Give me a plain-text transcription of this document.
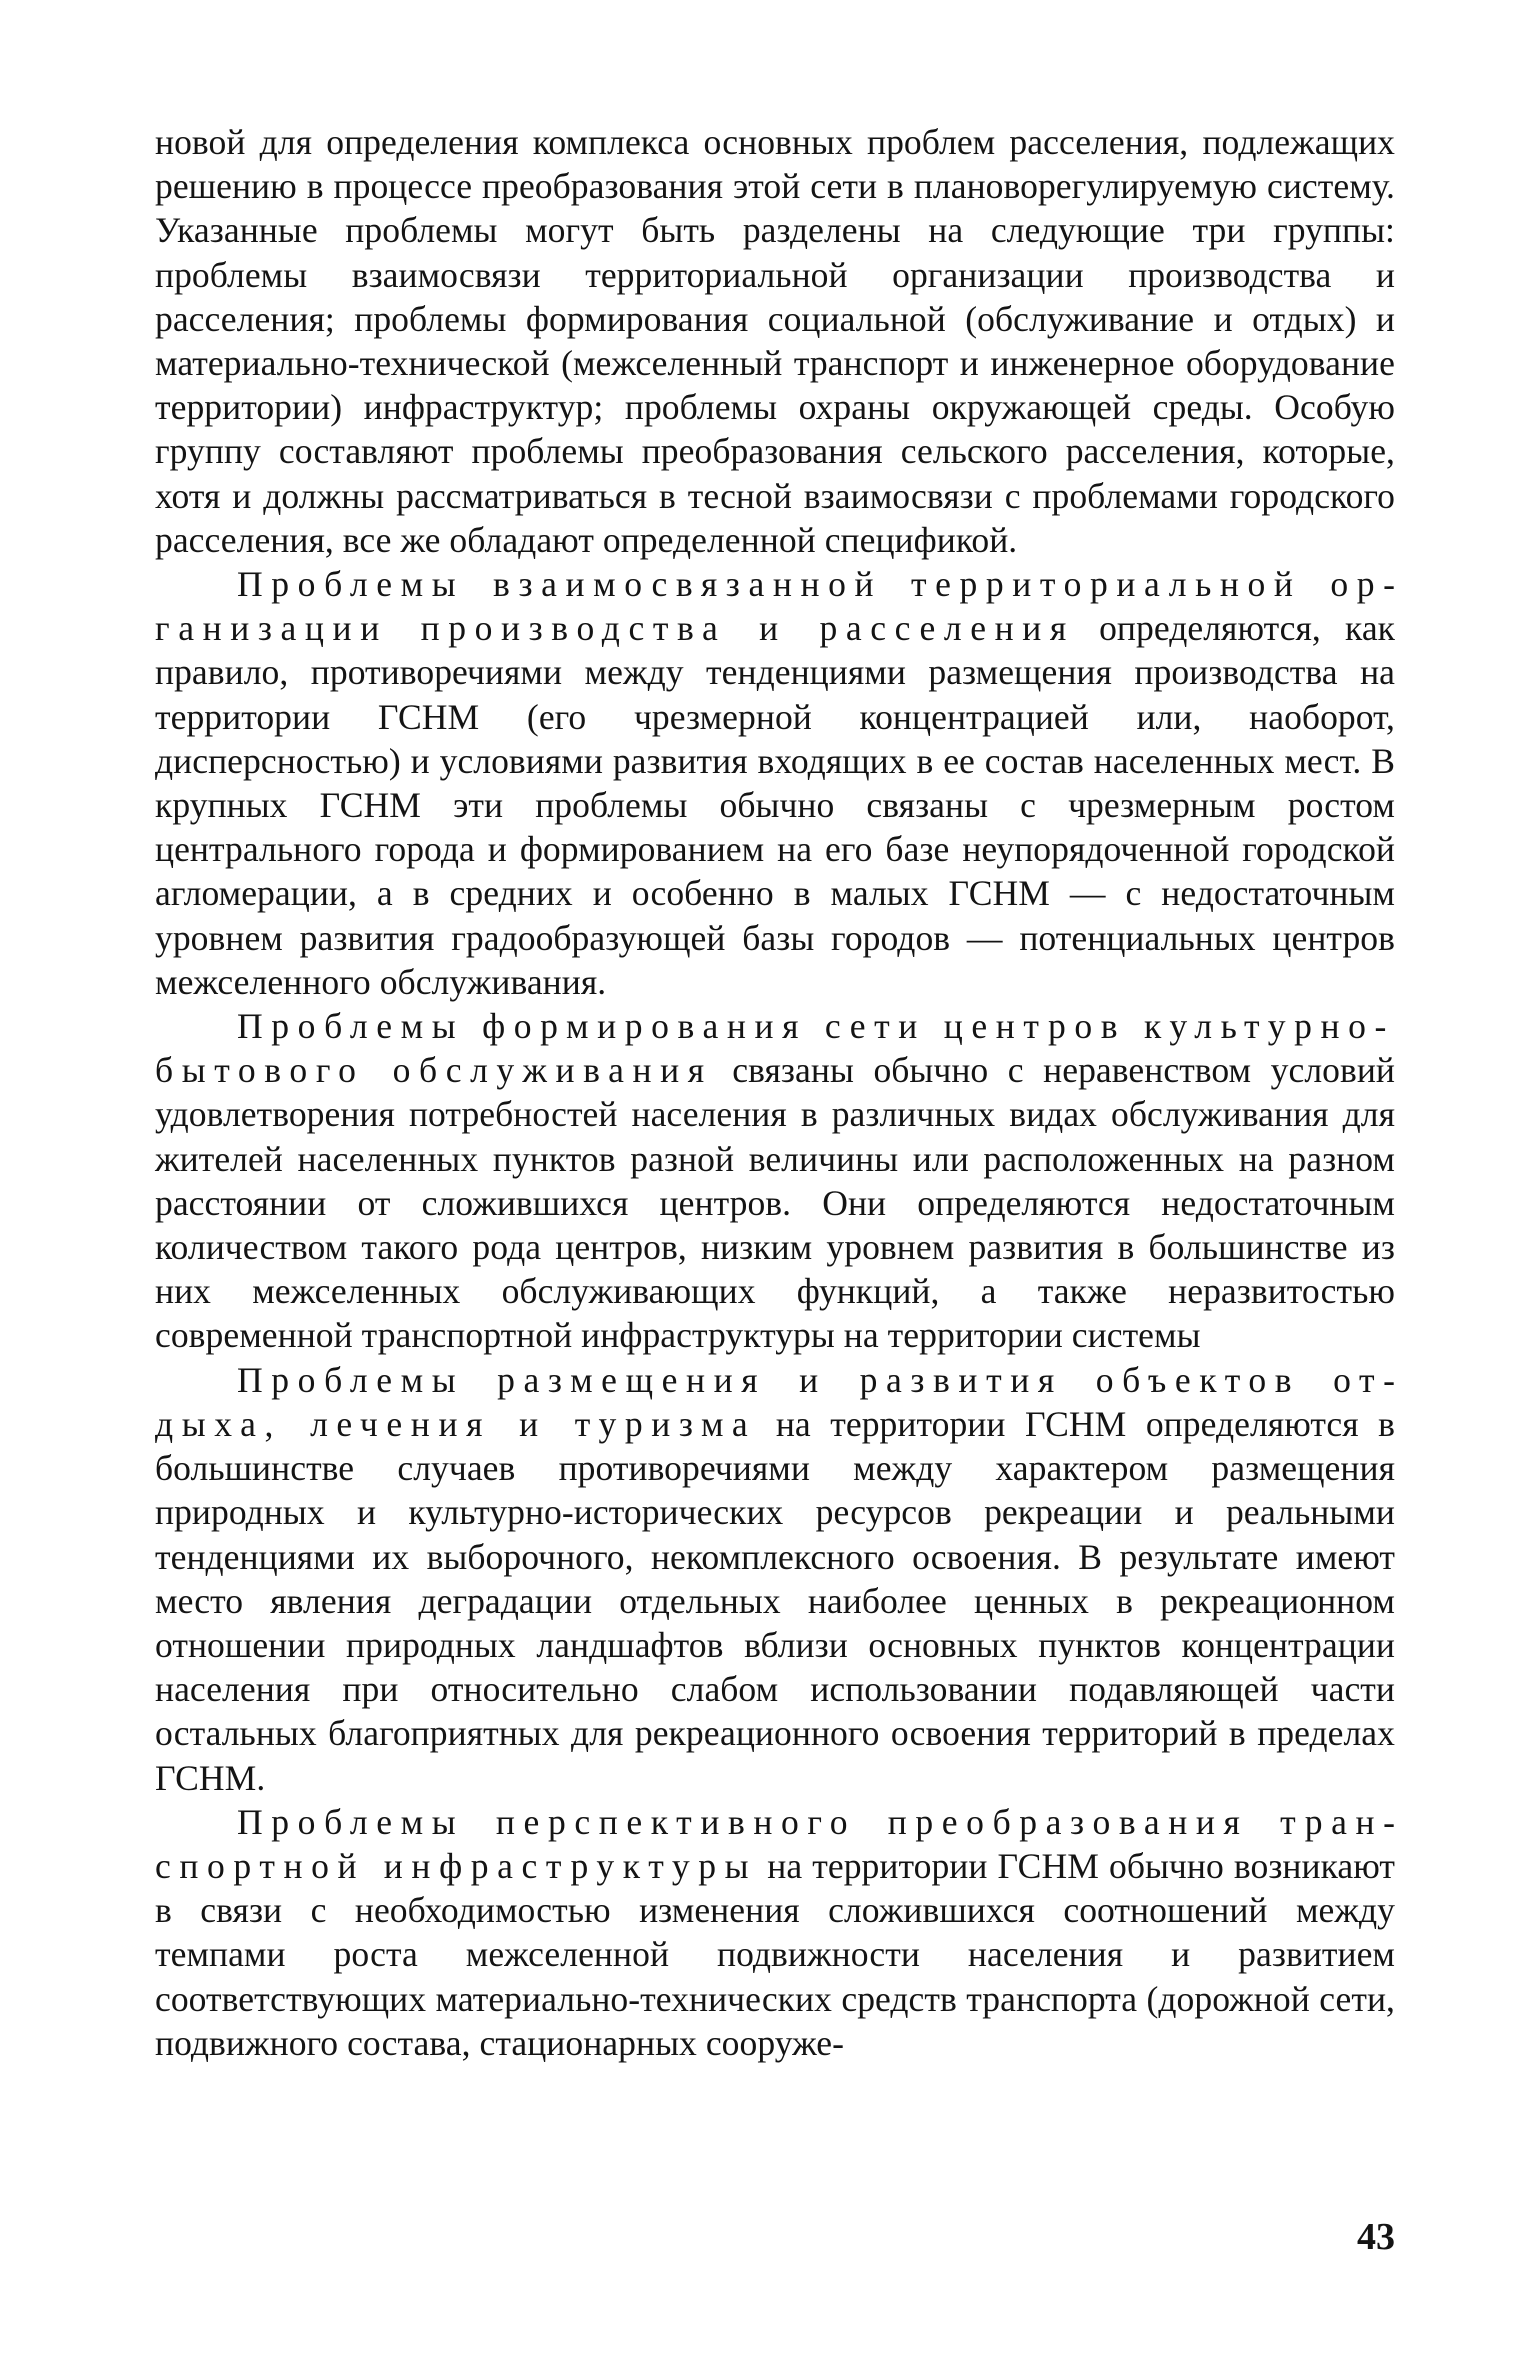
новой для определения комплекса основных проблем расселения, подлежащих решению в процессе преобразования этой сети в плановорегулируемую систему. Указанные проблемы могут быть разделены на следующие три группы: проблемы взаимосвязи территориальной организации производства и расселения; проблемы формирования социальной (обслуживание и отдых) и материально-технической (межселенный транспорт и инженерное оборудование территории) инфраструктур; проблемы охраны окружающей среды. Особую группу составляют проблемы преобразования сельского расселения, которые, хотя и должны рассматриваться в тесной взаимосвязи с проблемами городского расселения, все же обладают определенной спецификой.

Проблемы взаимосвязанной территориальной организации производства и расселения определяются, как правило, противоречиями между тенденциями размещения производства на территории ГСНМ (его чрезмерной концентрацией или, наоборот, дисперсностью) и условиями развития входящих в ее состав населенных мест. В крупных ГСНМ эти проблемы обычно связаны с чрезмерным ростом центрального города и формированием на его базе неупорядоченной городской агломерации, а в средних и особенно в малых ГСНМ — с недостаточным уровнем развития градообразующей базы городов — потенциальных центров межселенного обслуживания.

Проблемы формирования сети центров культурно-бытового обслуживания связаны обычно с неравенством условий удовлетворения потребностей населения в различных видах обслуживания для жителей населенных пунктов разной величины или расположенных на разном расстоянии от сложившихся центров. Они определяются недостаточным количеством такого рода центров, низким уровнем развития в большинстве из них межселенных обслуживающих функций, а также неразвитостью современной транспортной инфраструктуры на территории системы

Проблемы размещения и развития объектов отдыха, лечения и туризма на территории ГСНМ определяются в большинстве случаев противоречиями между характером размещения природных и культурно-исторических ресурсов рекреации и реальными тенденциями их выборочного, некомплексного освоения. В результате имеют место явления деградации отдельных наиболее ценных в рекреационном отношении природных ландшафтов вблизи основных пунктов концентрации населения при относительно слабом использовании подавляющей части остальных благоприятных для рекреационного освоения территорий в пределах ГСНМ.

Проблемы перспективного преобразования транспортной инфраструктуры на территории ГСНМ обычно возникают в связи с необходимостью изменения сложившихся соотношений между темпами роста межселенной подвижности населения и развитием соответствующих материально-технических средств транспорта (дорожной сети, подвижного состава, стационарных сооруже-

43
